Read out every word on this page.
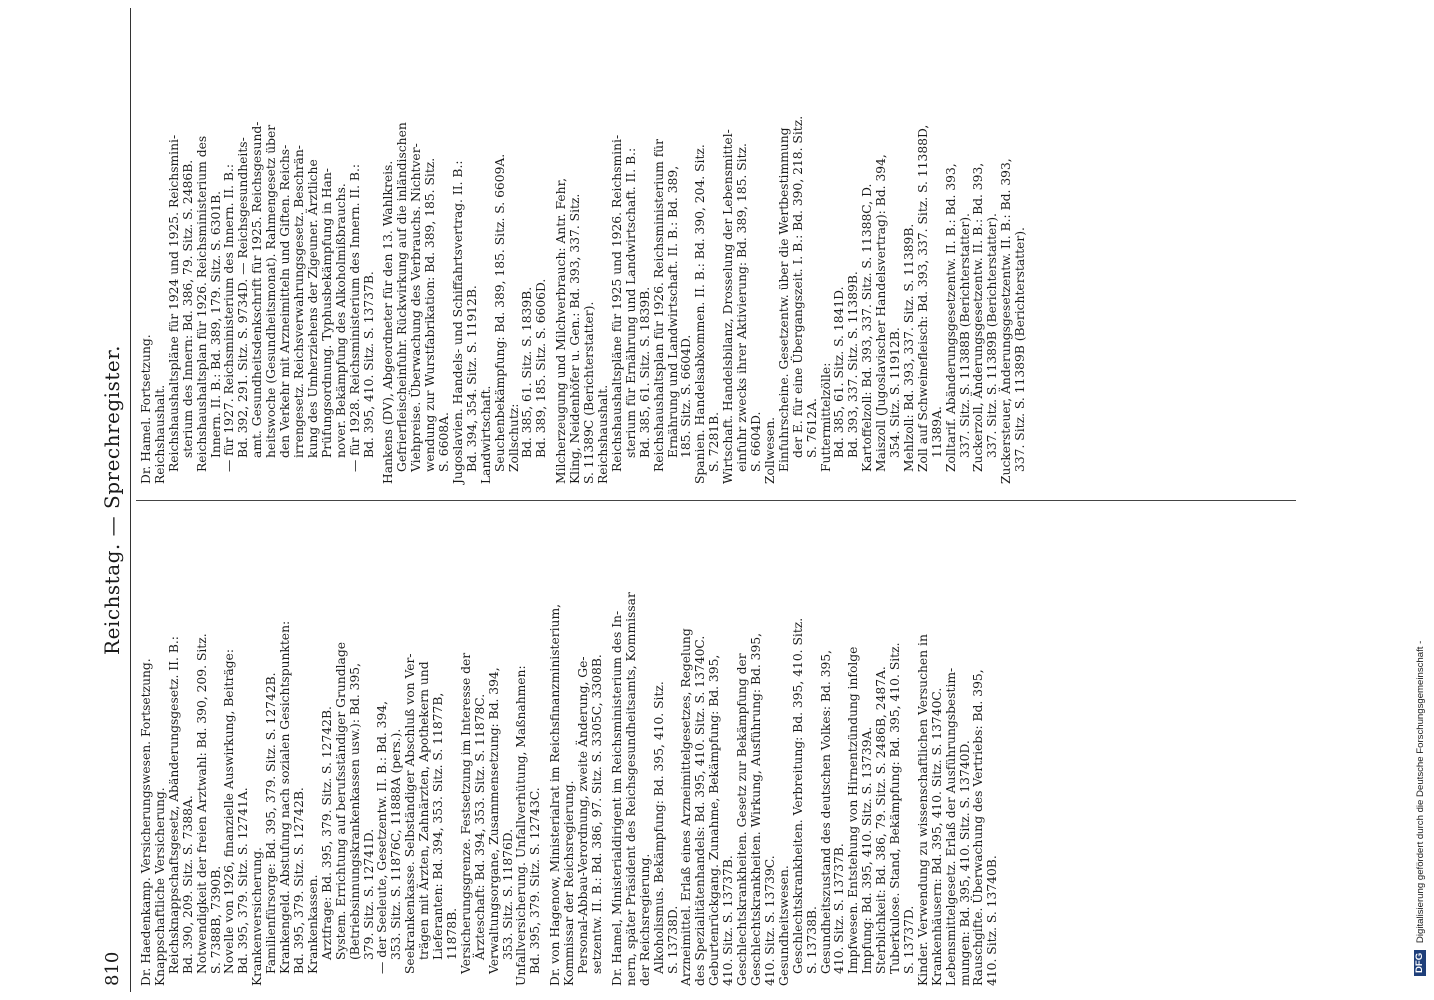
810
Reichstag. — Sprechregister.

Dr. Haedenkamp. Versicherungswesen. Fortsetzung. Knappschaftliche Versicherung. Reichsknappschaftsgesetz, Abänderungsgesetz. II. B.: Bd. 390, 209. Sitz. S. 7388A. Notwendigkeit der freien Arztwahl: Bd. 390, 209. Sitz. S. 7388B, 7390B. Novelle von 1926, finanzielle Auswirkung, Beiträge: Bd. 395, 379. Sitz. S. 12741A. Krankenversicherung. Familienfürsorge: Bd. 395, 379. Sitz. S. 12742B. Krankengeld. Abstufung nach sozialen Gesichtspunkten: Bd. 395, 379. Sitz. S. 12742B. Krankenkassen. Arztfrage: Bd. 395, 379. Sitz. S. 12742B. System. Errichtung auf berufsständiger Grundlage (Betriebsinnungskrankenkassen usw.): Bd. 395, 379. Sitz. S. 12741D. — der Seeleute, Gesetzentw. II. B.: Bd. 394, 353. Sitz. S. 11876C, 11888A (pers.). Seekrankenkasse. Selbständiger Abschluß von Ver- trägen mit Ärzten, Zahnärzten, Apothekern und Lieferanten: Bd. 394, 353. Sitz. S. 11877B, 11878B. Versicherungsgrenze. Festsetzung im Interesse der Ärzteschaft: Bd. 394, 353. Sitz. S. 11878C. Verwaltungsorgane, Zusammensetzung: Bd. 394, 353. Sitz. S. 11876D. Unfallversicherung. Unfallverhütung, Maßnahmen: Bd. 395, 379. Sitz. S. 12743C. Dr. von Hagenow, Ministerialrat im Reichsfinanzministerium, Kommissar der Reichsregierung. Personal-Abbau-Verordnung, zweite Änderung, Ge- setzentw. II. B.: Bd. 386, 97. Sitz. S. 3305C, 3308B. Dr. Hamel, Ministerialdirigent im Reichsministerium des In- nern, später Präsident des Reichsgesundheitsamts, Kommissar der Reichsregierung. Alkoholismus. Bekämpfung: Bd. 395, 410. Sitz. S. 13738D. Arzneimittel. Erlaß eines Arzneimittelgesetzes, Regelung des Spezialitätenhandels: Bd. 395, 410. Sitz. S. 13740C. Geburtenrückgang. Zunahme, Bekämpfung: Bd. 395, 410. Sitz. S. 13737B. Geschlechtskrankheiten. Gesetz zur Bekämpfung der Geschlechtskrankheiten. Wirkung, Ausführung: Bd. 395, 410. Sitz. S. 13739C. Gesundheitswesen. Geschlechtskrankheiten. Verbreitung: Bd. 395, 410. Sitz. S. 13738B. Gesundheitszustand des deutschen Volkes: Bd. 395, 410. Sitz. S. 13737B. Impfwesen. Entstehung von Hirnentzündung infolge Impfung: Bd. 395, 410. Sitz. S. 13739A. Sterblichkeit: Bd. 386, 79. Sitz. S. 2486B, 2487A. Tuberkulose. Stand, Bekämpfung: Bd. 395, 410. Sitz. S. 13737D. Kinder. Verwendung zu wissenschaftlichen Versuchen in Krankenhäusern: Bd. 395, 410. Sitz. S. 13740C. Lebensmittelgesetz. Erlaß der Ausführungsbestim- mungen: Bd. 395, 410. Sitz. S. 13740D. Rauschgifte. Überwachung des Vertriebs: Bd. 395, 410. Sitz. S. 13740B.

Dr. Hamel. Fortsetzung. Reichshaushalt. Reichshaushaltspläne für 1924 und 1925. Reichsmini- sterium des Innern: Bd. 386, 79. Sitz. S. 2486B. Reichshaushaltsplan für 1926. Reichsministerium des Innern. II. B.: Bd. 389, 179. Sitz. S. 6301B. — für 1927. Reichsministerium des Innern. II. B.: Bd. 392, 291. Sitz. S. 9734D. — Reichsgesundheits- amt. Gesundheitsdenkschrift für 1925. Reichsgesund- heitswoche (Gesundheitsmonat). Rahmengesetz über den Verkehr mit Arzneimitteln und Giften. Reichs- irrengesetz. Reichsverwahrungsgesetz. Beschrän- kung des Umherziehens der Zigeuner. Ärztliche Prüfungsordnung. Typhusbekämpfung in Han- nover. Bekämpfung des Alkoholmißbrauchs. — für 1928. Reichsministerium des Innern. II. B.: Bd. 395, 410. Sitz. S. 13737B. Hankens (DV), Abgeordneter für den 13. Wahlkreis. Gefrierfleischeinfuhr. Rückwirkung auf die inländischen Viehpreise. Überwachung des Verbrauchs. Nichtver- wendung zur Wurstfabrikation: Bd. 389, 185. Sitz. S. 6608A. Jugoslavien. Handels- und Schiffahrtsvertrag. II. B.: Bd. 394, 354. Sitz. S. 11912B. Landwirtschaft. Seuchenbekämpfung: Bd. 389, 185. Sitz. S. 6609A. Zollschutz: Bd. 385, 61. Sitz. S. 1839B. Bd. 389, 185. Sitz. S. 6606D. Milcherzeugung und Milchverbrauch: Antr. Fehr, Kling, Neidenhöfer u. Gen.: Bd. 393, 337. Sitz. S. 11389C (Berichterstatter). Reichshaushalt. Reichshaushaltspläne für 1925 und 1926. Reichsmini- sterium für Ernährung und Landwirtschaft. II. B.: Bd. 385, 61. Sitz. S. 1839B. Reichshaushaltsplan für 1926. Reichsministerium für Ernährung und Landwirtschaft. II. B.: Bd. 389, 185. Sitz. S. 6604D. Spanien. Handelsabkommen. II. B.: Bd. 390, 204. Sitz. S. 7281B. Wirtschaft. Handelsbilanz, Drosselung der Lebensmittel- einfuhr zwecks ihrer Aktivierung: Bd. 389, 185. Sitz. S. 6604D. Zollwesen. Einfuhrscheine. Gesetzentw. über die Wertbestimmung der E. für eine Übergangszeit. I. B.: Bd. 390, 218. Sitz. S. 7612A. Futtermittelzölle: Bd. 385, 61. Sitz. S. 1841D. Bd. 393, 337. Sitz. S. 11389B. Kartoffelzoll: Bd. 393, 337. Sitz. S. 11388C, D. Maiszoll (Jugoslavischer Handelsvertrag): Bd. 394, 354. Sitz. S. 11912B. Mehlzoll: Bd. 393, 337. Sitz. S. 11389B. Zoll auf Schweinefleisch: Bd. 393, 337. Sitz. S. 11388D, 11389A. Zolltarif. Abänderungsgesetzentw. II. B.: Bd. 393, 337. Sitz. S. 11388B (Berichterstatter). Zuckerzoll, Änderungsgesetzentw. II. B.: Bd. 393, 337. Sitz. S. 11389B (Berichterstatter). Zuckersteuer, Änderungsgesetzentw. II. B.: Bd. 393, 337. Sitz. S. 11389B (Berichterstatter).

DFG Digitalisierung gefördert durch die Deutsche Forschungsgemeinschaft -
